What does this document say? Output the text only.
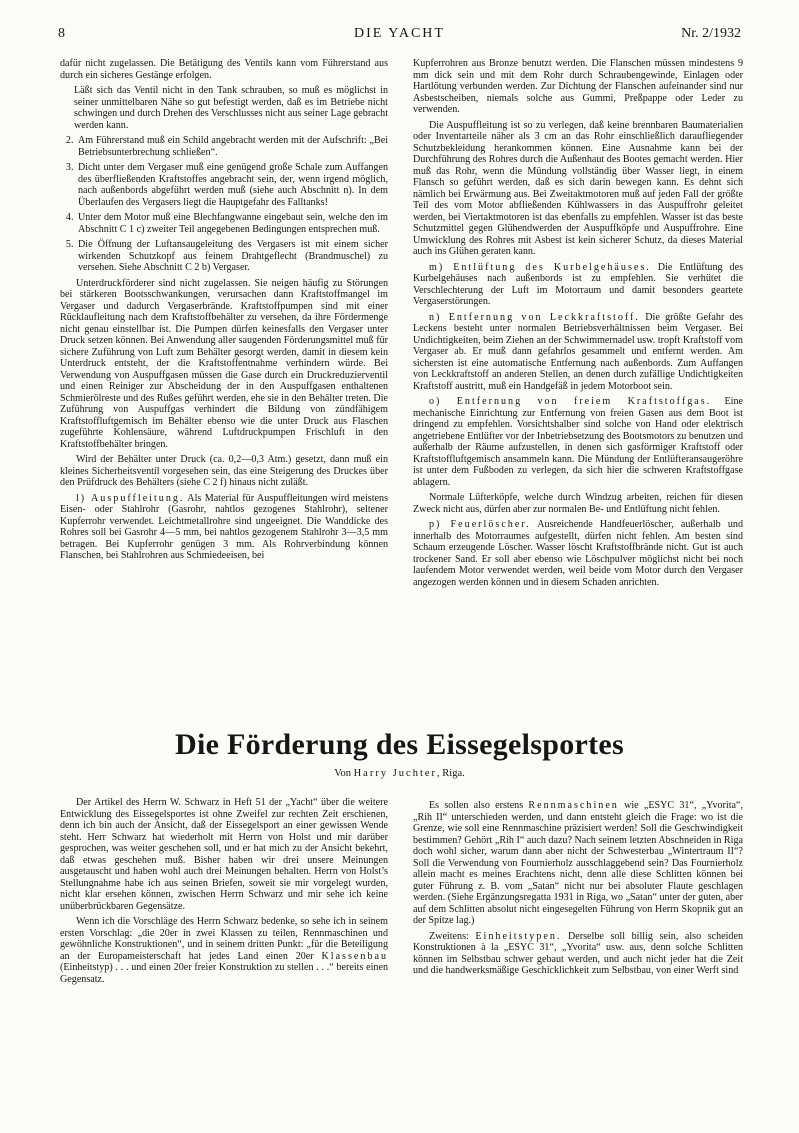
8	DIE YACHT	Nr. 2/1932

dafür nicht zugelassen. Die Betätigung des Ventils kann vom Führerstand aus durch ein sicheres Gestänge erfolgen.

Läßt sich das Ventil nicht in den Tank schrauben, so muß es möglichst in seiner unmittelbaren Nähe so gut befestigt werden, daß es im Betriebe nicht schwingen und durch Drehen des Verschlusses nicht aus seiner Lage gebracht werden kann.

2. Am Führerstand muß ein Schild angebracht werden mit der Aufschrift: „Bei Betriebsunterbrechung schließen“.
3. Dicht unter dem Vergaser muß eine genügend große Schale zum Auffangen des überfließenden Kraftstoffes angebracht sein, der, wenn irgend möglich, nach außenbords abgeführt werden muß (siehe auch Abschnitt n). In dem Überlaufen des Vergasers liegt die Hauptgefahr des Falltanks!
4. Unter dem Motor muß eine Blechfangwanne eingebaut sein, welche den im Abschnitt C 1 c) zweiter Teil angegebenen Bedingungen entsprechen muß.
5. Die Öffnung der Luftansaugeleitung des Vergasers ist mit einem sicher wirkenden Schutzkopf aus feinem Drahtgeflecht (Brandmuschel) zu versehen. Siehe Abschnitt C 2 b) Vergaser.

Unterdruckförderer sind nicht zugelassen. Sie neigen häufig zu Störungen bei stärkeren Bootsschwankungen, verursachen dann Kraftstoffmangel im Vergaser und dadurch Vergaserbrände. Kraftstoffpumpen sind mit einer Rücklaufleitung nach dem Kraftstoffbehälter zu versehen, da ihre Fördermenge nicht genau einstellbar ist. Die Pumpen dürfen keinesfalls den Vergaser unter Druck setzen können. Bei Anwendung aller saugenden Förderungsmittel muß für sichere Zuführung von Luft zum Behälter gesorgt werden, damit in diesem kein Unterdruck entsteht, der die Kraftstoffentnahme verhindern würde. Bei Verwendung von Auspuffgasen müssen die Gase durch ein Druckreduzierventil und einen Reiniger zur Abscheidung der in den Auspuffgasen enthaltenen Schmierölreste und des Rußes geführt werden, ehe sie in den Behälter treten. Die Zuführung von Auspuffgas verhindert die Bildung von zündfähigem Kraftstoffluftgemisch im Behälter ebenso wie die unter Druck aus Flaschen zugeführte Kohlensäure, während Luftdruckpumpen Frischluft in den Kraftstoffbehälter bringen.

Wird der Behälter unter Druck (ca. 0,2—0,3 Atm.) gesetzt, dann muß ein kleines Sicherheitsventil vorgesehen sein, das eine Steigerung des Druckes über den Prüfdruck des Behälters (siehe C 2 f) hinaus nicht zuläßt.

l) Auspuffleitung. Als Material für Auspuffleitungen wird meistens Eisen- oder Stahlrohr (Gasrohr, nahtlos gezogenes Stahlrohr), seltener Kupferrohr verwendet. Leichtmetallrohre sind ungeeignet. Die Wanddicke des Rohres soll bei Gasrohr 4—5 mm, bei nahtlos gezogenem Stahlrohr 3—3,5 mm betragen. Bei Kupferrohr genügen 3 mm. Als Rohrverbindung können Flanschen, bei Stahlrohren aus Schmiedeeisen, bei

Kupferrohren aus Bronze benutzt werden. Die Flanschen müssen mindestens 9 mm dick sein und mit dem Rohr durch Schraubengewinde, Einlagen oder Hartlötung verbunden werden. Zur Dichtung der Flanschen aufeinander sind nur Asbestscheiben, niemals solche aus Gummi, Preßpappe oder Leder zu verwenden.

Die Auspuffleitung ist so zu verlegen, daß keine brennbaren Baumaterialien oder Inventarteile näher als 3 cm an das Rohr einschließlich daraufliegender Schutzbekleidung herankommen können. Eine Ausnahme kann bei der Durchführung des Rohres durch die Außenhaut des Bootes gemacht werden. Hier muß das Rohr, wenn die Mündung vollständig über Wasser liegt, in einem Flansch so geführt werden, daß es sich darin bewegen kann. Es dehnt sich nämlich bei Erwärmung aus. Bei Zweitaktmotoren muß auf jeden Fall der größte Teil des vom Motor abfließenden Kühlwassers in das Auspuffrohr geleitet werden, bei Viertaktmotoren ist das ebenfalls zu empfehlen. Wasser ist das beste Schutzmittel gegen Glühendwerden der Auspuffköpfe und Auspuffrohre. Eine Umwicklung des Rohres mit Asbest ist kein sicherer Schutz, da dieses Material auch ins Glühen geraten kann.

m) Entlüftung des Kurbelgehäuses. Die Entlüftung des Kurbelgehäuses nach außenbords ist zu empfehlen. Sie verhütet die Verschlechterung der Luft im Motorraum und damit besonders geartete Vergaserstörungen.

n) Entfernung von Leckkraftstoff. Die größte Gefahr des Leckens besteht unter normalen Betriebsverhältnissen beim Vergaser. Bei Undichtigkeiten, beim Ziehen an der Schwimmernadel usw. tropft Kraftstoff vom Vergaser ab. Er muß dann gefahrlos gesammelt und entfernt werden. Am sichersten ist eine automatische Entfernung nach außenbords. Zum Auffangen von Leckkraftstoff an anderen Stellen, an denen durch zufällige Undichtigkeiten Kraftstoff austritt, muß ein Handgefäß in jedem Motorboot sein.

o) Entfernung von freiem Kraftstoffgas. Eine mechanische Einrichtung zur Entfernung von freien Gasen aus dem Boot ist dringend zu empfehlen. Vorsichtshalber sind solche von Hand oder elektrisch angetriebene Entlüfter vor der Inbetriebsetzung des Bootsmotors zu benutzen und außerhalb der Räume aufzustellen, in denen sich gasförmiger Kraftstoff oder Kraftstoffluftgemisch ansammeln kann. Die Mündung der Entlüfteransaugeröhre ist unter dem Fußboden zu verlegen, da sich hier die schweren Kraftstoffgase ablagern.

Normale Lüfterköpfe, welche durch Windzug arbeiten, reichen für diesen Zweck nicht aus, dürfen aber zur normalen Be- und Entlüftung nicht fehlen.

p) Feuerlöscher. Ausreichende Handfeuerlöscher, außerhalb und innerhalb des Motorraumes aufgestellt, dürfen nicht fehlen. Am besten sind Schaum erzeugende Löscher. Wasser löscht Kraftstoffbrände nicht. Gut ist auch trockener Sand. Er soll aber ebenso wie Löschpulver möglichst nicht bei noch laufendem Motor verwendet werden, weil beide vom Motor durch den Vergaser angezogen werden können und in diesem Schaden anrichten.

Die Förderung des Eissegelsportes
Von Harry Juchter, Riga.

Der Artikel des Herrn W. Schwarz in Heft 51 der „Yacht“ über die weitere Entwicklung des Eissegelsportes ist ohne Zweifel zur rechten Zeit erschienen, denn ich bin auch der Ansicht, daß der Eissegelsport an einer gewissen Wende steht. Herr Schwarz hat wiederholt mit Herrn von Holst und mir darüber gesprochen, was weiter geschehen soll, und er hat mich zu der Ansicht bekehrt, daß etwas geschehen muß. Bisher haben wir drei unsere Meinungen ausgetauscht und haben wohl auch drei Meinungen behalten. Herrn von Holst’s Stellungnahme habe ich aus seinen Briefen, soweit sie mir vorgelegt wurden, nicht klar ersehen können, zwischen Herrn Schwarz und mir sehe ich keine unüberbrückbaren Gegensätze.

Wenn ich die Vorschläge des Herrn Schwarz bedenke, so sehe ich in seinem ersten Vorschlag: „die 20er in zwei Klassen zu teilen, Rennmaschinen und gewöhnliche Konstruktionen“, und in seinem dritten Punkt: „für die Beteiligung an der Europameisterschaft hat jedes Land einen 20er Klassenbau (Einheitstyp) . . . und einen 20er freier Konstruktion zu stellen . . .“ bereits einen Gegensatz.

Es sollen also erstens Rennmaschinen wie „ESYC 31“, „Yvorita“, „Rih II“ unterschieden werden, und dann entsteht gleich die Frage: wo ist die Grenze, wie soll eine Rennmaschine präzisiert werden! Soll die Geschwindigkeit bestimmen? Gehört „Rih I“ auch dazu? Nach seinem letzten Abschneiden in Riga doch wohl sicher, warum dann aber nicht der Schwesterbau „Wintertraum II“? Soll die Verwendung von Fournierholz ausschlaggebend sein? Das Fournierholz allein macht es meines Erachtens nicht, denn alle diese Schlitten können bei guter Führung z. B. vom „Satan“ nicht nur bei absoluter Flaute geschlagen werden. (Siehe Ergänzungsregatta 1931 in Riga, wo „Satan“ unter der guten, aber auf dem Schlitten absolut nicht eingesegelten Führung von Herrn Skopnik gut an der Spitze lag.)

Zweitens: Einheitstypen. Derselbe soll billig sein, also scheiden Konstruktionen à la „ESYC 31“, „Yvorita“ usw. aus, denn solche Schlitten können im Selbstbau schwer gebaut werden, und auch nicht jeder hat die Zeit und die handwerksmäßige Geschicklichkeit zum Selbstbau, von einer Werft sind
